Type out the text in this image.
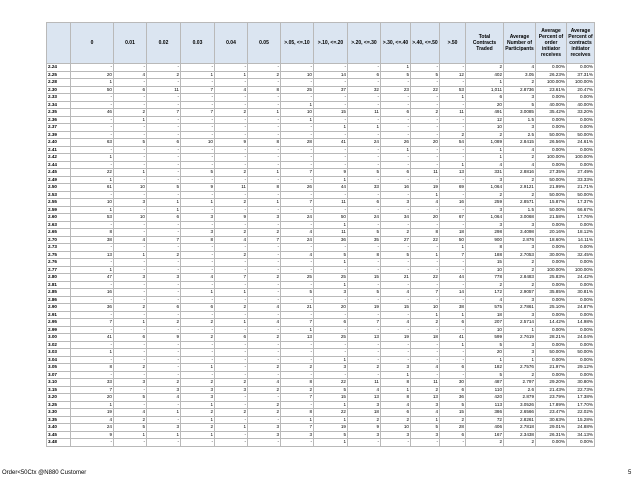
	0	0.01	0.02	0.03	0.04	0.05	>.05, <=.10	>.10, <=.20	>.20, <=.30	>.30, <=.40	>.40, <=.50	>.50	Total Contracts Traded	Average Number of Participants	Average Percent of order initiator receives	Average Percent of contracts initiator receives
2.24	-	-	-	-	-	-	-	-	-	1	-	-	2	4	0.00%	0.00%
2.25	20	4	2	1	1	2	10	14	6	5	5	12	402	3.05	26.23%	37.31%
2.28	1	-	-	-	-	-	-	-	-	-	-	-	1	2	100.00%	100.00%
2.30	50	6	11	7	4	8	25	37	32	23	22	53	1,011	2.8736	23.61%	20.47%
2.33	-	-	-	-	-	-	-	-	-	-	-	1	6	3	0.00%	0.00%
2.34	-	-	-	-	-	-	1	-	-	-	-	-	20	5	40.00%	40.00%
2.35	46	2	7	7	2	1	10	15	11	6	2	11	491	3.0085	35.42%	33.20%
2.36	-	1	-	-	-	-	1	-	-	-	-	-	12	1.5	0.00%	0.00%
2.37	-	-	-	-	-	-	-	1	1	-	-	-	10	3	0.00%	0.00%
2.39	-	-	-	-	-	-	-	-	-	-	-	2	2	2.5	50.00%	50.00%
2.40	63	5	6	10	9	8	28	41	24	26	20	54	1,089	2.8415	26.56%	24.61%
2.41	-	-	-	-	-	-	-	-	-	1	-	-	1	4	0.00%	0.00%
2.42	1	-	-	-	-	-	-	-	-	-	-	-	1	2	100.00%	100.00%
2.44	-	-	-	-	-	-	-	-	-	-	-	1	4	4	0.00%	0.00%
2.45	22	1	-	5	2	1	7	9	5	6	11	13	331	2.8816	27.35%	27.49%
2.49	1	-	-	-	-	-	-	1	-	-	-	-	3	2	50.00%	33.33%
2.50	61	10	5	9	11	8	26	44	33	16	19	69	1,064	2.9121	21.99%	21.71%
2.53	-	-	-	-	-	-	-	-	-	-	1	-	2	2	50.00%	50.00%
2.55	10	3	1	1	2	1	7	11	6	3	4	16	259	2.8571	15.87%	17.37%
2.59	1	-	1	-	-	-	-	-	-	-	-	-	3	1.5	50.00%	66.67%
2.60	53	10	6	3	9	3	24	50	24	34	20	67	1,064	3.0068	21.58%	17.76%
2.63	-	-	-	-	-	-	-	1	-	-	-	-	3	3	0.00%	0.00%
2.65	8	-	-	3	2	2	4	11	5	2	8	18	298	3.4098	20.16%	18.12%
2.70	38	4	7	8	4	7	24	36	35	27	22	50	900	2.876	18.60%	14.11%
2.73	-	-	-	-	-	-	-	-	-	-	-	1	8	3	0.00%	0.00%
2.75	13	1	2	-	2	-	4	5	8	5	1	7	188	2.7053	30.00%	32.45%
2.76	-	-	-	-	-	-	-	1	-	-	-	-	15	2	0.00%	0.00%
2.77	1	-	-	-	-	-	-	-	-	-	-	-	10	2	100.00%	100.00%
2.80	47	3	3	4	7	2	25	25	15	21	22	44	778	2.8483	25.83%	24.42%
2.81	-	-	-	-	-	-	-	1	-	-	-	-	2	2	0.00%	0.00%
2.85	16	-	-	1	1	-	5	3	5	4	7	14	172	2.9057	35.85%	30.81%
2.86	-	-	-	-	-	-	-	-	-	-	-	-	4	3	0.00%	0.00%
2.90	36	2	6	6	2	4	21	20	19	15	10	38	575	2.7861	25.10%	24.87%
2.91	-	-	-	-	-	-	-	-	-	-	1	1	18	3	0.00%	0.00%
2.95	7	1	2	2	1	4	7	6	7	4	2	6	207	2.5714	14.42%	14.98%
2.99	-	-	-	-	-	-	1	-	-	-	-	-	10	1	0.00%	0.00%
3.00	41	6	9	2	6	2	13	25	13	19	18	41	599	2.7619	28.21%	24.04%
3.02	-	-	-	-	-	-	-	-	-	-	-	1	5	3	0.00%	0.00%
3.03	1	-	-	-	-	-	-	-	-	-	-	-	20	3	50.00%	50.00%
3.04	-	-	-	-	-	-	-	1	-	-	-	-	1	1	0.00%	0.00%
3.05	8	2	-	1	-	2	2	3	2	3	4	6	182	2.7576	21.97%	29.12%
3.07	-	-	-	-	-	-	-	-	-	1	-	-	5	2	0.00%	0.00%
3.10	33	3	2	2	2	4	8	22	11	8	11	30	487	2.797	29.20%	30.80%
3.15	7	-	3	3	3	2	2	5	4	1	2	6	110	2.6	21.43%	22.73%
3.20	20	5	4	3	-	-	7	15	13	8	13	36	420	2.879	23.79%	17.38%
3.25	1	-	-	1	-	2	-	1	3	4	3	5	113	3.0526	17.89%	17.70%
3.30	19	4	1	2	2	2	8	22	18	6	4	15	386	2.6566	23.47%	22.02%
3.35	4	2	-	1	-	-	1	1	2	2	1	2	72	2.8261	30.63%	15.28%
3.40	24	5	3	2	1	3	7	19	9	10	5	28	406	2.7818	29.01%	24.88%
3.45	9	1	1	1	-	3	3	5	3	3	3	6	167	2.3438	26.31%	34.13%
3.48	-	-	-	-	-	-	-	1	-	-	-	-	2	2	0.00%	0.00%
Order<50Ctx @N880 Customer	5
